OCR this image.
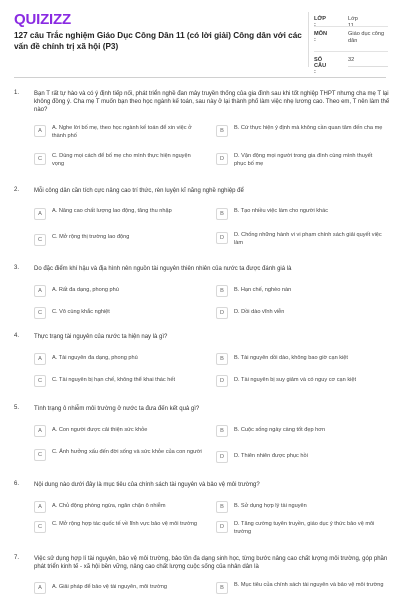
QUIZIZZ
127 câu Trắc nghiệm Giáo Dục Công Dân 11 (có lời giải) Công dân với các vấn đề chính trị xã hội (P3)
LỚP :
Lớp
MÔN :
Giáo dục công dân
SỐ CÂU :
32
1. Bạn T rất tự hào và có ý định tiếp nối, phát triển nghề đan mây truyền thống của gia đình sau khi tốt nghiệp THPT nhưng cha mẹ T lại không đồng ý. Cha mẹ T muốn bạn theo học ngành kế toán, sau này ở lại thành phố làm việc nhẹ lương cao. Theo em, T nên làm thế nào?
A	A. Nghe lời bố mẹ, theo học ngành kế toán để xin việc ở thành phố
B	B. Cứ thực hiện ý định mà không cần quan tâm đến cha mẹ
C	C. Dùng mọi cách để bố mẹ cho mình thực hiện nguyện vọng
D	D. Vận động mọi người trong gia đình cùng mình thuyết phục bố mẹ
2. Mỗi công dân cần tích cực nâng cao trí thức, rèn luyện kĩ năng nghề nghiệp để
A	A. Nâng cao chất lượng lao động, tăng thu nhập	B	B. Tạo nhiều việc làm cho người khác
C	C. Mở rộng thị trường lao động	D	D. Chống những hành vi vi phạm chính sách giải quyết việc làm
3. Do đặc điểm khí hậu và địa hình nên nguồn tài nguyên thiên nhiên của nước ta được đánh giá là
A	A. Rất đa dạng, phong phú	B	B. Hạn chế, nghèo nàn
C	C. Vô cùng khắc nghiệt	D	D. Dồi dào vĩnh viễn
4. Thực trạng tài nguyên của nước ta hiện nay là gì?
A	A. Tài nguyên đa dạng, phong phú	B	B. Tài nguyên dồi dào, không bao giờ cạn kiệt
C	C. Tài nguyên bị hạn chế, không thể khai thác hết	D	D. Tài nguyên bị suy giảm và có nguy cơ cạn kiệt
5. Tình trạng ô nhiễm môi trường ở nước ta đưa đến kết quả gì?
A	A. Con người được cải thiện sức khỏe	B	B. Cuộc sống ngày càng tốt đẹp hơn
C	C. Ảnh hưởng xấu đến đời sống và sức khỏe của con người
D	D. Thiên nhiên được phục hồi
6. Nội dung nào dưới đây là mục tiêu của chính sách tài nguyên và bảo vệ môi trường?
A	A. Chủ động phòng ngừa, ngăn chặn ô nhiễm	B	B. Sử dụng hợp lý tài nguyên
C	C. Mở rộng hợp tác quốc tế về lĩnh vực bảo vệ môi trường	D	D. Tăng cường tuyên truyền, giáo dục ý thức bảo vệ môi trường
7. Việc sử dụng hợp lí tài nguyên, bảo vệ môi trường, bảo tồn đa dạng sinh học, từng bước nâng cao chất lượng môi trường, góp phần phát triển kinh tế - xã hội bền vững, nâng cao chất lượng cuộc sống của nhân dân là
A	A. Giải pháp để bảo vệ tài nguyên, môi trường	B	B. Mục tiêu của chính sách tài nguyên và bảo vệ môi trường
